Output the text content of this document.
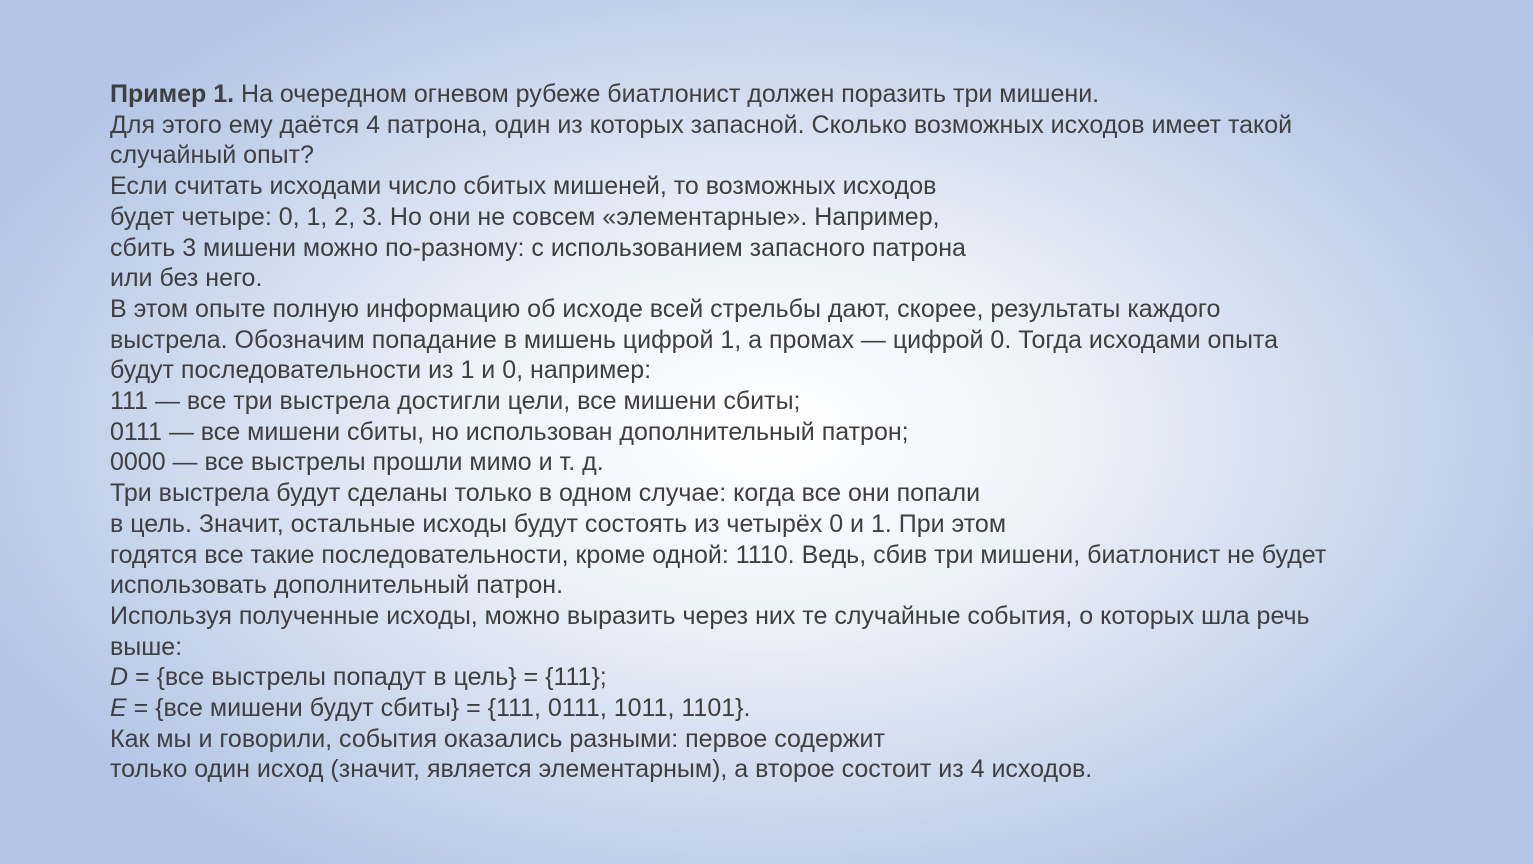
Пример 1. На очередном огневом рубеже биатлонист должен поразить три мишени.
Для этого ему даётся 4 патрона, один из которых запасной. Сколько возможных исходов имеет такой
случайный опыт?
Если считать исходами число сбитых мишеней, то возможных исходов
будет четыре: 0, 1, 2, 3. Но они не совсем «элементарные». Например,
сбить 3 мишени можно по-разному: с использованием запасного патрона
или без него.
В этом опыте полную информацию об исходе всей стрельбы дают, скорее, результаты каждого
выстрела. Обозначим попадание в мишень цифрой 1, а промах — цифрой 0. Тогда исходами опыта
будут последовательности из 1 и 0, например:
111 — все три выстрела достигли цели, все мишени сбиты;
0111 — все мишени сбиты, но использован дополнительный патрон;
0000 — все выстрелы прошли мимо и т. д.
Три выстрела будут сделаны только в одном случае: когда все они попали
в цель. Значит, остальные исходы будут состоять из четырёх 0 и 1. При этом
годятся все такие последовательности, кроме одной: 1110. Ведь, сбив три мишени, биатлонист не будет
использовать дополнительный патрон.
Используя полученные исходы, можно выразить через них те случайные события, о которых шла речь
выше:
D = {все выстрелы попадут в цель} = {111};
E = {все мишени будут сбиты} = {111, 0111, 1011, 1101}.
Как мы и говорили, события оказались разными: первое содержит
только один исход (значит, является элементарным), а второе состоит из 4 исходов.
